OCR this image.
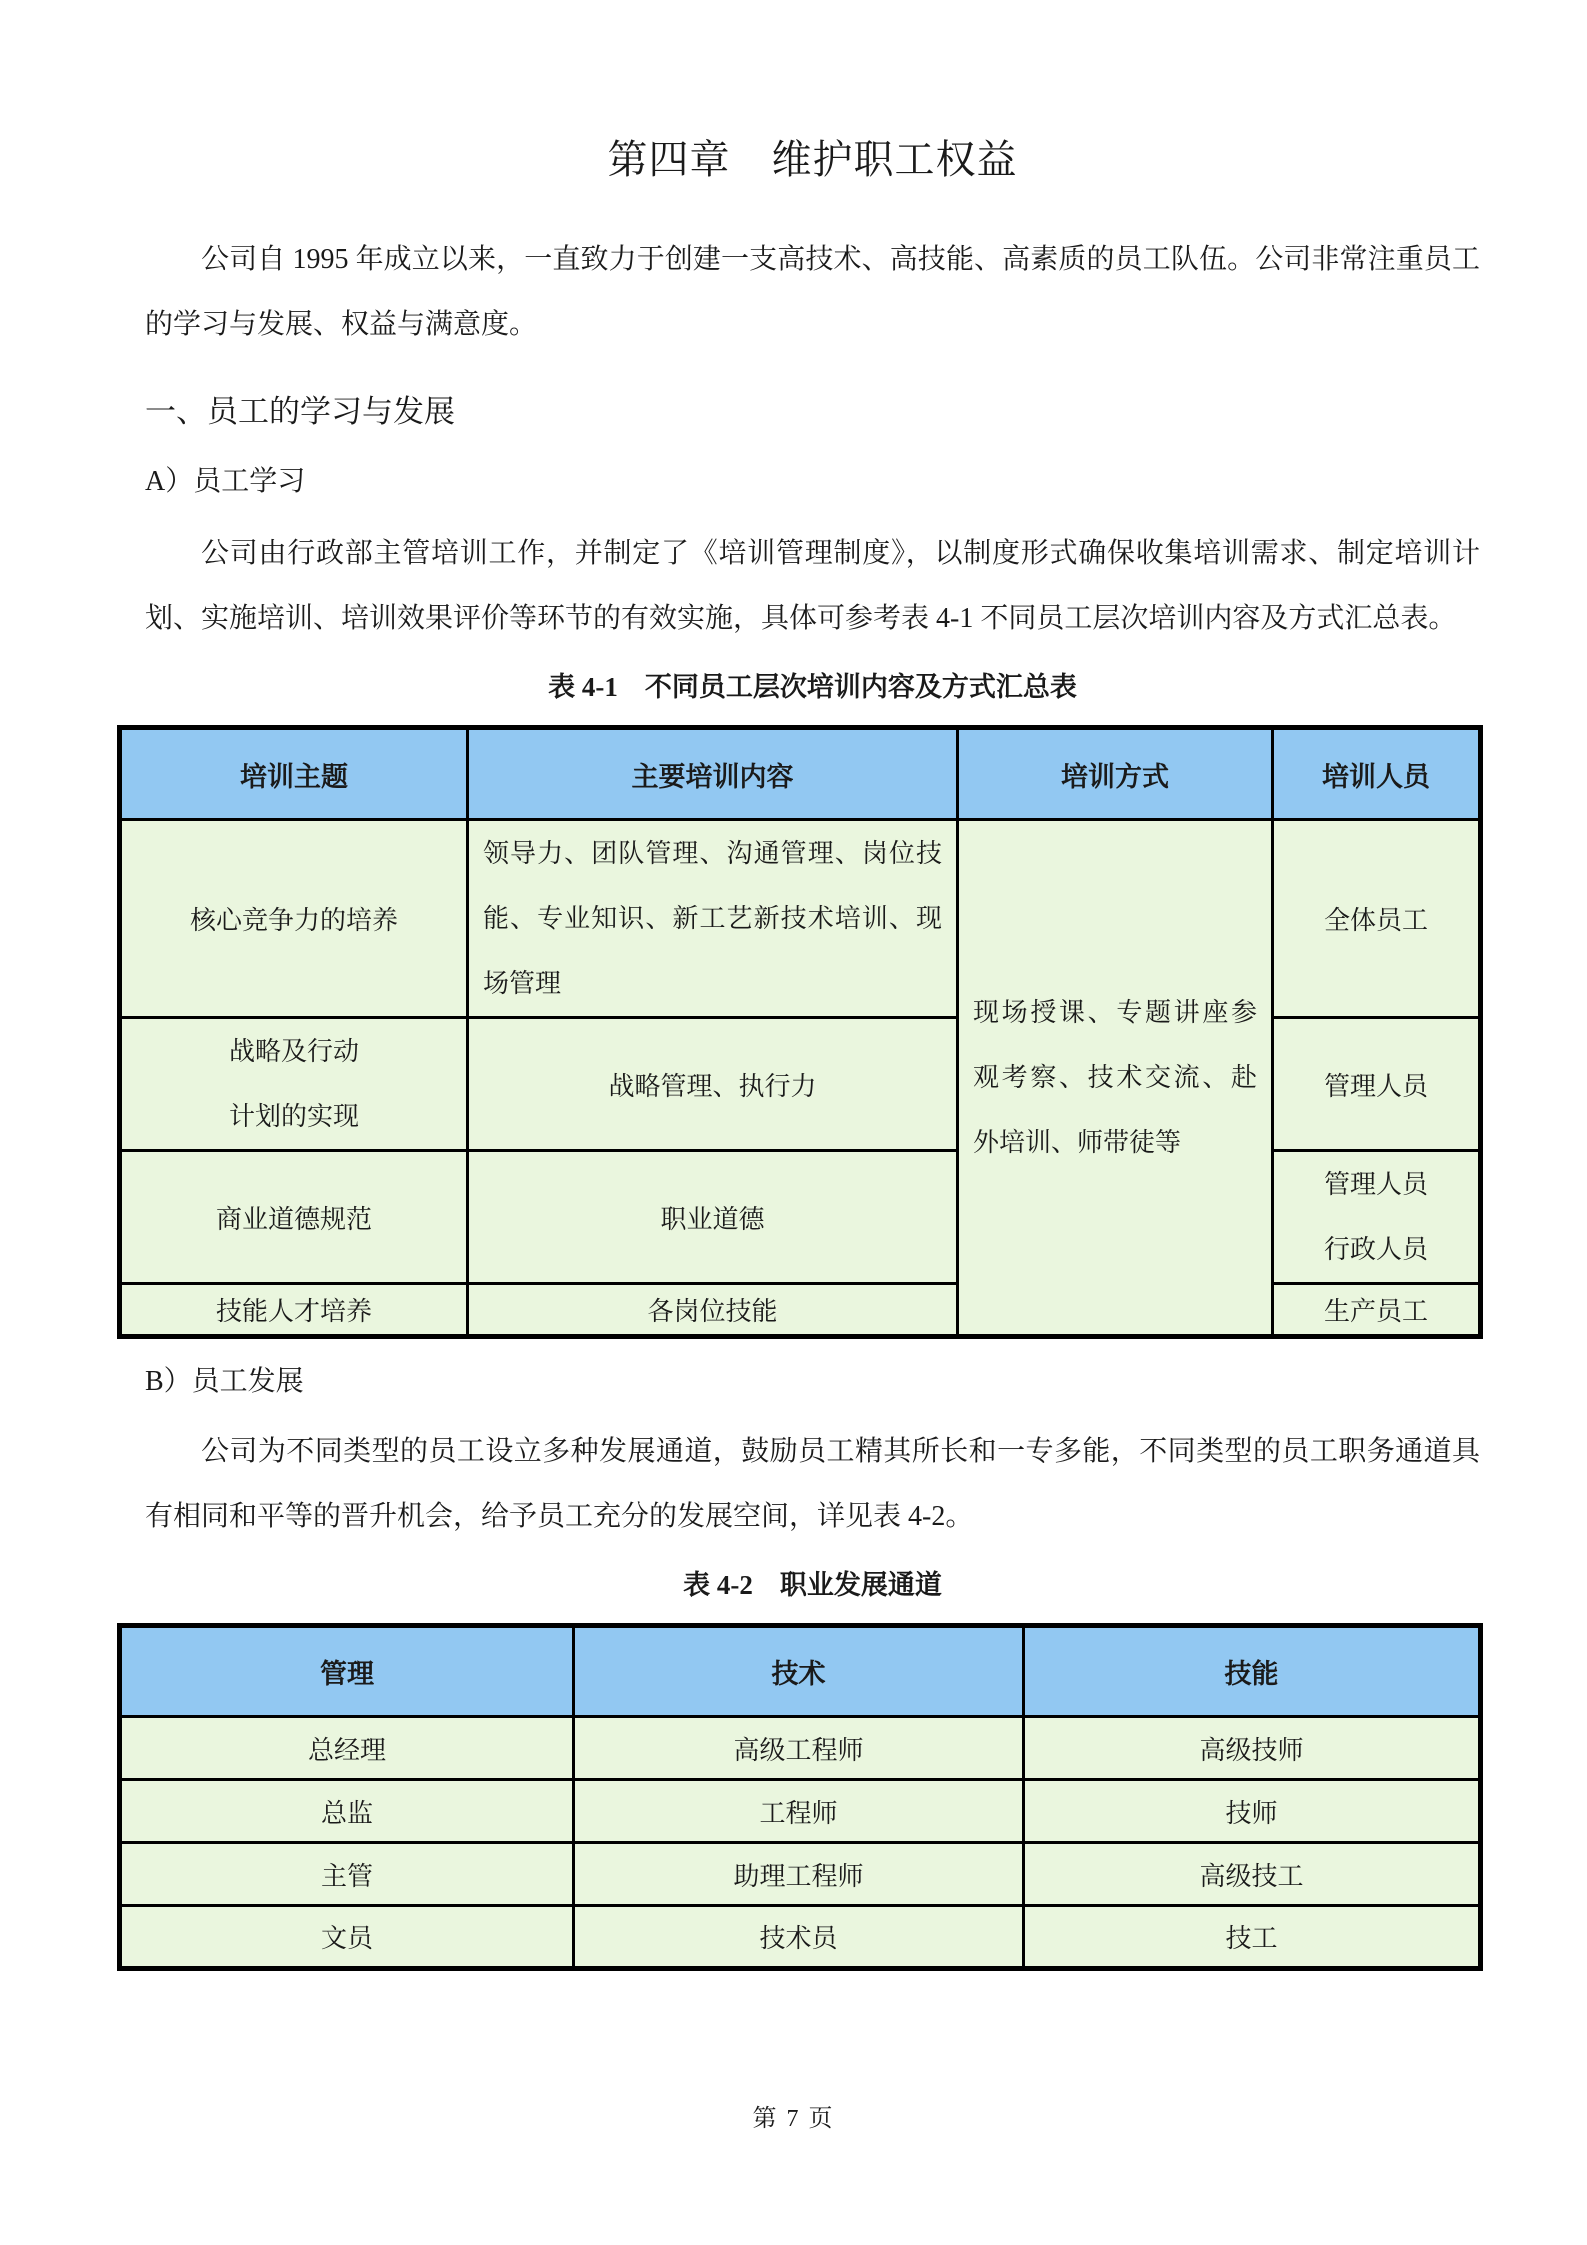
第四章　维护职工权益
公司自 1995 年成立以来，一直致力于创建一支高技术、高技能、高素质的员工队伍。公司非常注重员工的学习与发展、权益与满意度。
一、员工的学习与发展
A）员工学习
公司由行政部主管培训工作，并制定了《培训管理制度》，以制度形式确保收集培训需求、制定培训计划、实施培训、培训效果评价等环节的有效实施，具体可参考表 4-1 不同员工层次培训内容及方式汇总表。
表 4-1　不同员工层次培训内容及方式汇总表
培训主题	主要培训内容	培训方式	培训人员
核心竞争力的培养	领导力、团队管理、沟通管理、岗位技能、专业知识、新工艺新技术培训、现场管理	现场授课、专题讲座参观考察、技术交流、赴外培训、师带徒等	全体员工

战略及行动
计划的实现	战略管理、执行力		管理人员
商业道德规范	职业道德		管理人员
行政人员

技能人才培养	各岗位技能		生产员工
B）员工发展
公司为不同类型的员工设立多种发展通道，鼓励员工精其所长和一专多能，不同类型的员工职务通道具有相同和平等的晋升机会，给予员工充分的发展空间，详见表 4-2。
表 4-2　职业发展通道
管理	技术	技能
总经理	高级工程师	高级技师
总监	工程师	技师
主管	助理工程师	高级技工
文员	技术员	技工
第 7 页
